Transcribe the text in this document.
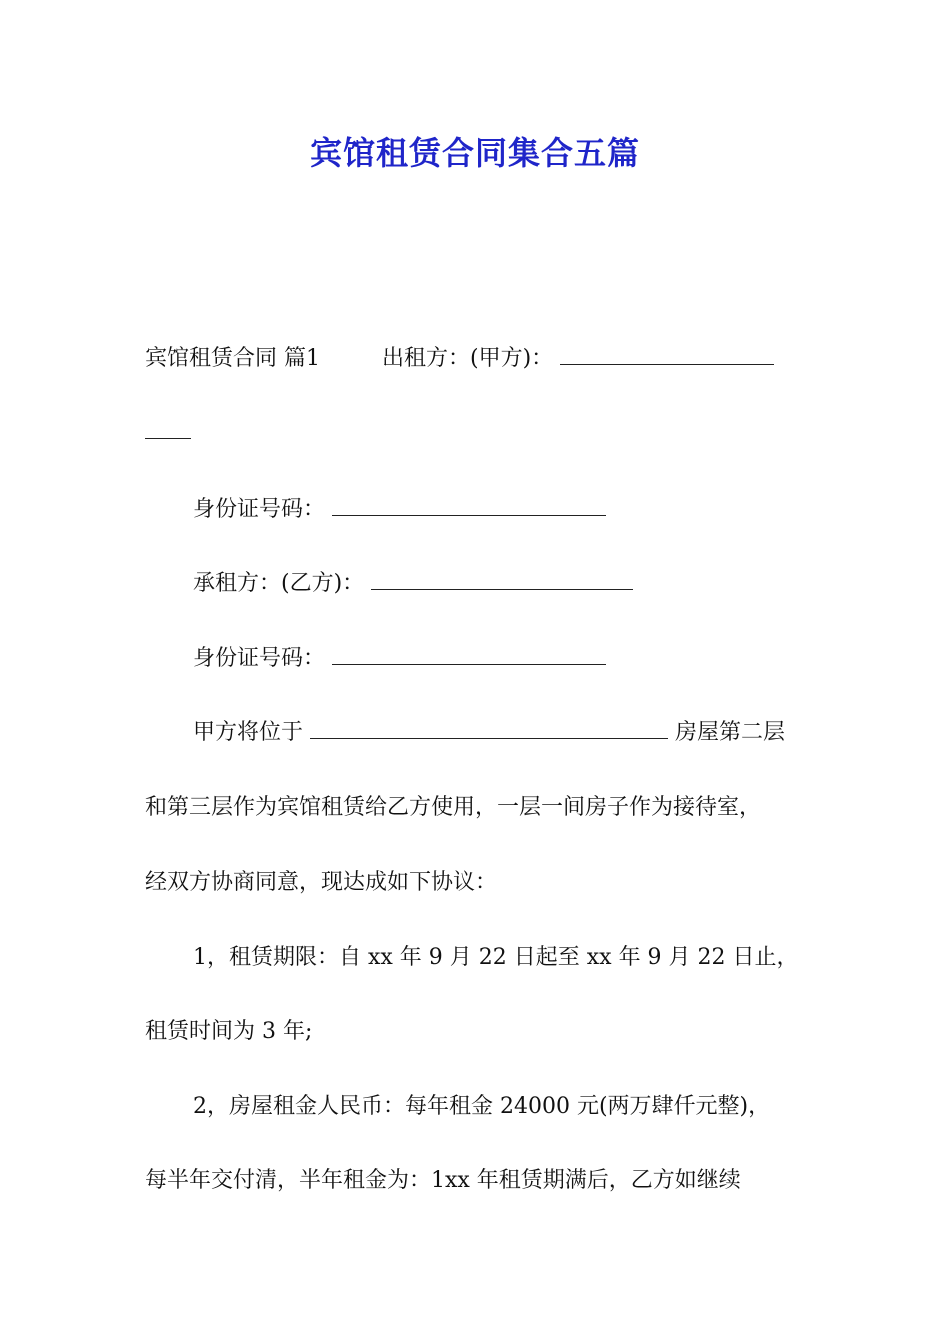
宾馆租赁合同集合五篇
宾馆租赁合同 篇1	出租方：(甲方)：
身份证号码：
承租方：(乙方)：
身份证号码：
甲方将位于	房屋第二层
和第三层作为宾馆租赁给乙方使用，一层一间房子作为接待室，
经双方协商同意，现达成如下协议：
1，租赁期限：自 xx 年 9 月 22 日起至 xx 年 9 月 22 日止，
租赁时间为 3 年;
2，房屋租金人民币：每年租金 24000 元(两万肆仟元整)，
每半年交付清，半年租金为：1xx 年租赁期满后，乙方如继续
